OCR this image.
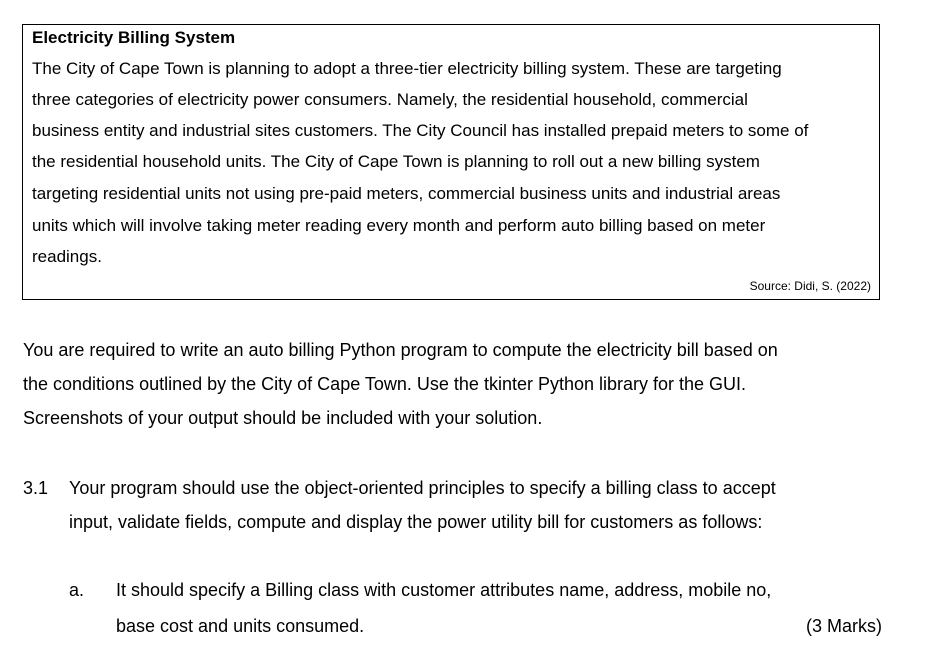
Electricity Billing System
The City of Cape Town is planning to adopt a three-tier electricity billing system. These are targeting
three categories of electricity power consumers. Namely, the residential household, commercial
business entity and industrial sites customers. The City Council has installed prepaid meters to some of
the residential household units. The City of Cape Town is planning to roll out a new billing system
targeting residential units not using pre-paid meters, commercial business units and industrial areas
units which will involve taking meter reading every month and perform auto billing based on meter
readings.
Source: Didi, S. (2022)
You are required to write an auto billing Python program to compute the electricity bill based on
the conditions outlined by the City of Cape Town. Use the tkinter Python library for the GUI.
Screenshots of your output should be included with your solution.
3.1 Your program should use the object-oriented principles to specify a billing class to accept
input, validate fields, compute and display the power utility bill for customers as follows:
a. It should specify a Billing class with customer attributes name, address, mobile no,
base cost and units consumed.	(3 Marks)
